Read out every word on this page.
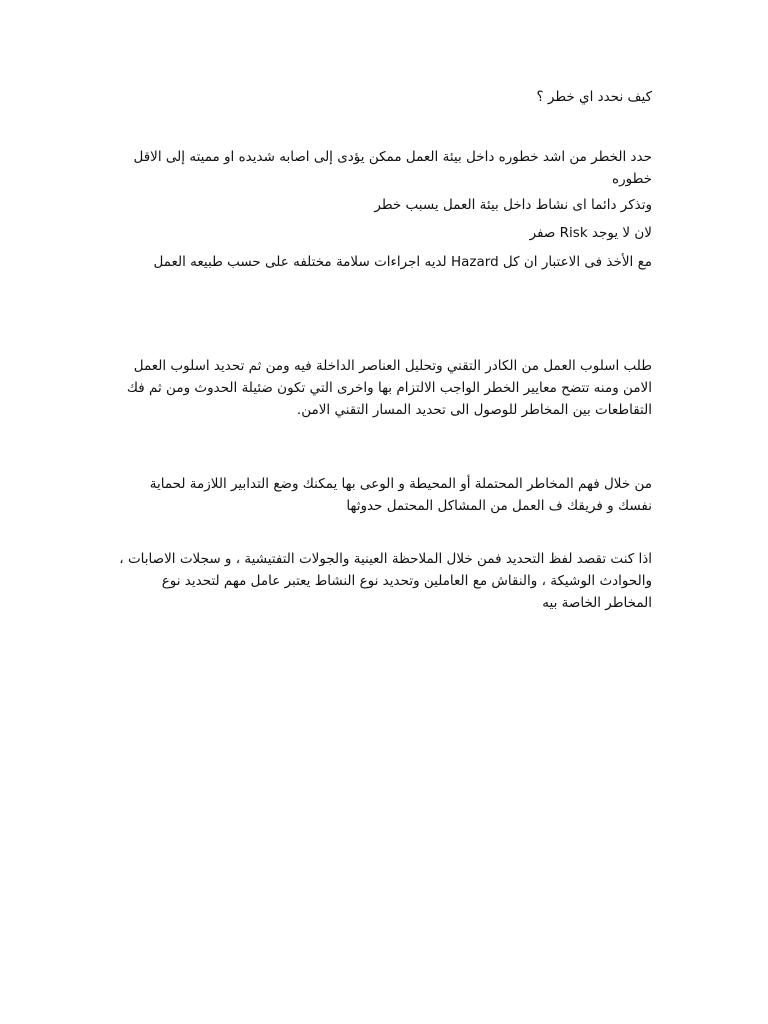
كيف نحدد اي خطر ؟

حدد الخطر من اشد خطوره داخل بيئة العمل ممكن يؤدى إلى اصابه شديده او مميته إلى الاقل خطوره

وتذكر دائما اى نشاط داخل بيئة العمل يسبب خطر

لان لا يوجد Risk صفر

مع الأخذ فى الاعتبار ان كل Hazard لديه اجراءات سلامة مختلفه على حسب طبيعه العمل

طلب اسلوب العمل من الكادر التقني وتحليل العناصر الداخلة فيه ومن ثم تحديد اسلوب العمل الامن ومنه تتضح معايير الخطر الواجب الالتزام بها واخرى التي تكون ضئيلة الحدوث ومن ثم فك التقاطعات بين المخاطر للوصول الى تحديد المسار التقني الامن.

من خلال فهم المخاطر المحتملة أو المحيطة و الوعى بها يمكنك وضع التدابير اللازمة لحماية نفسك و فريقك ف العمل من المشاكل المحتمل حدوثها

اذا كنت تقصد لفظ التحديد فمن خلال الملاحظة العينية والجولات التفتيشية ، و سجلات الاصابات ، والحوادث الوشيكة ، والنقاش مع العاملين وتحديد نوع النشاط يعتبر عامل مهم لتحديد نوع المخاطر الخاصة بيه
